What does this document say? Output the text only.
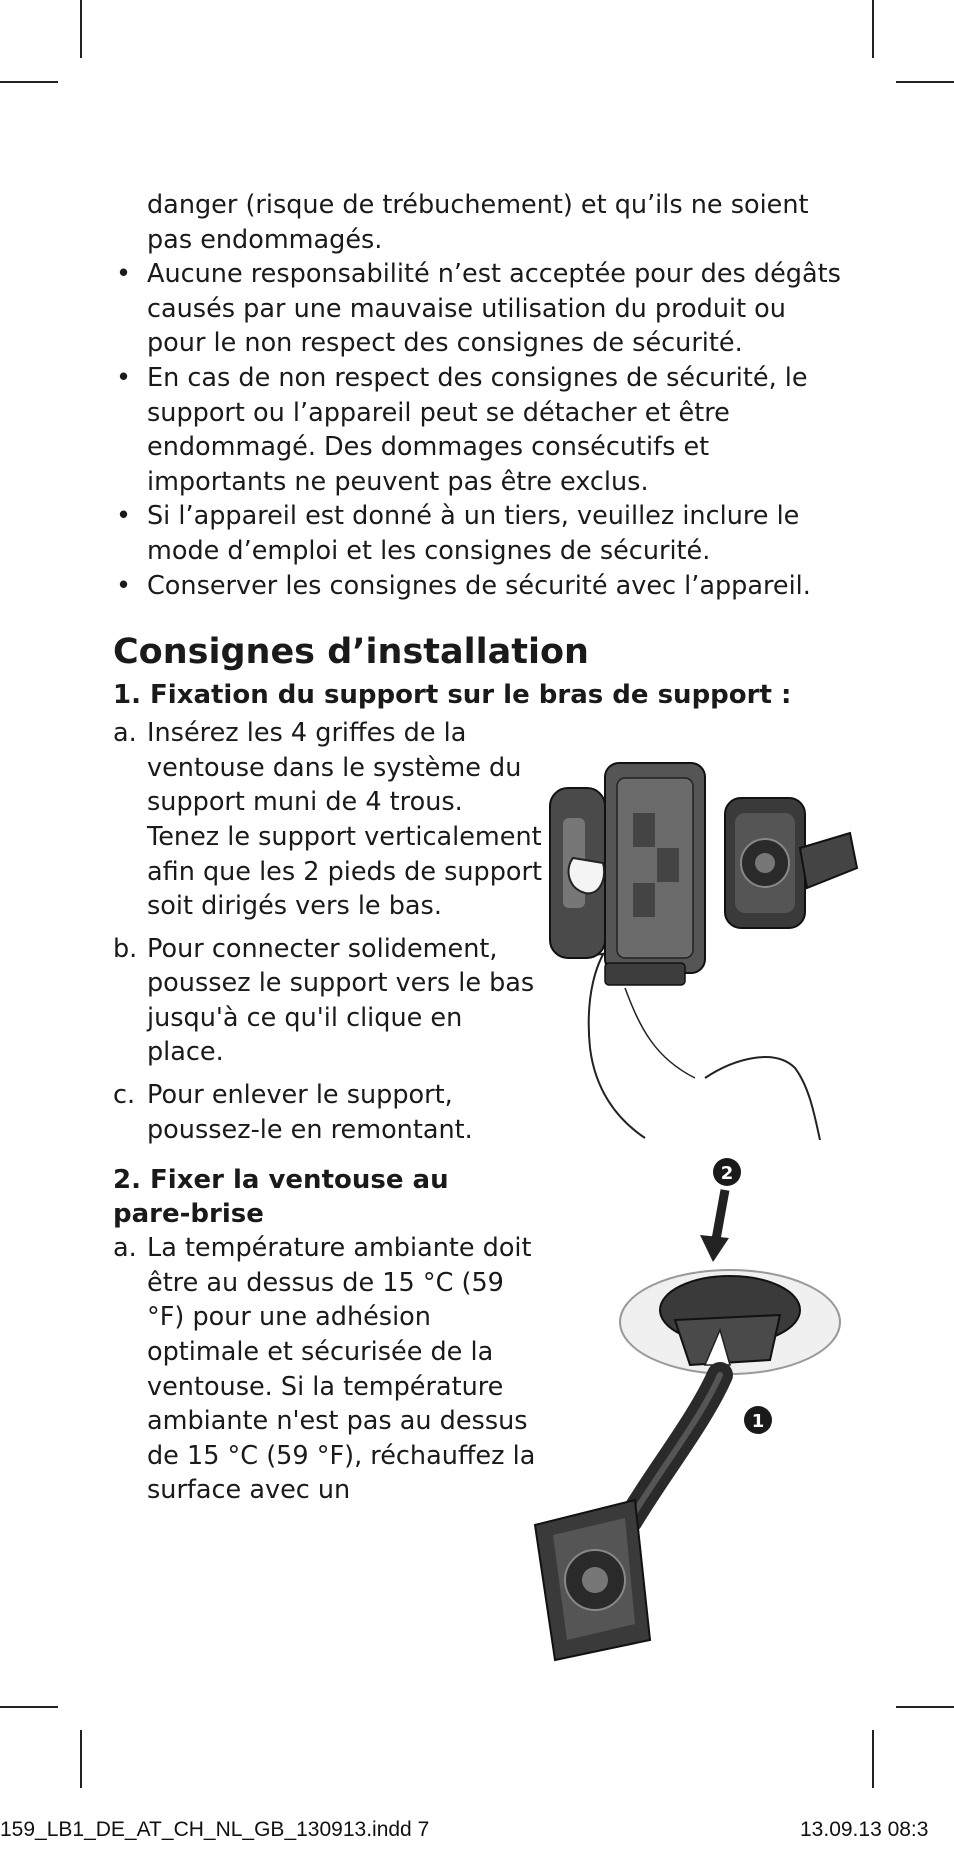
danger (risque de trébuchement) et qu’ils ne soient pas endommagés.
• Aucune responsabilité n’est acceptée pour des dégâts causés par une mauvaise utilisation du produit ou pour le non respect des consignes de sécurité.
• En cas de non respect des consignes de sécurité, le support ou l’appareil peut se détacher et être endommagé. Des dommages consécutifs et importants ne peuvent pas être exclus.
• Si l’appareil est donné à un tiers, veuillez inclure le mode d’emploi et les consignes de sécurité.
• Conserver les consignes de sécurité avec l’appareil.
Consignes d’installation
1. Fixation du support sur le bras de support :
a. Insérez les 4 griffes de la ventouse dans le système du support muni de 4 trous. Tenez le support verticalement afin que les 2 pieds de support soit dirigés vers le bas.
b. Pour connecter solidement, poussez le support vers le bas jusqu'à ce qu'il clique en place.
c. Pour enlever le support, poussez-le en remontant.
2. Fixer la ventouse au pare-brise
a. La température ambiante doit être au dessus de 15 °C (59 °F) pour une adhésion optimale et sécurisée de la ventouse. Si la température ambiante n'est pas au dessus de 15 °C (59 °F), réchauffez la surface avec un
2
1
159_LB1_DE_AT_CH_NL_GB_130913.indd 7	13.09.13 08:3
